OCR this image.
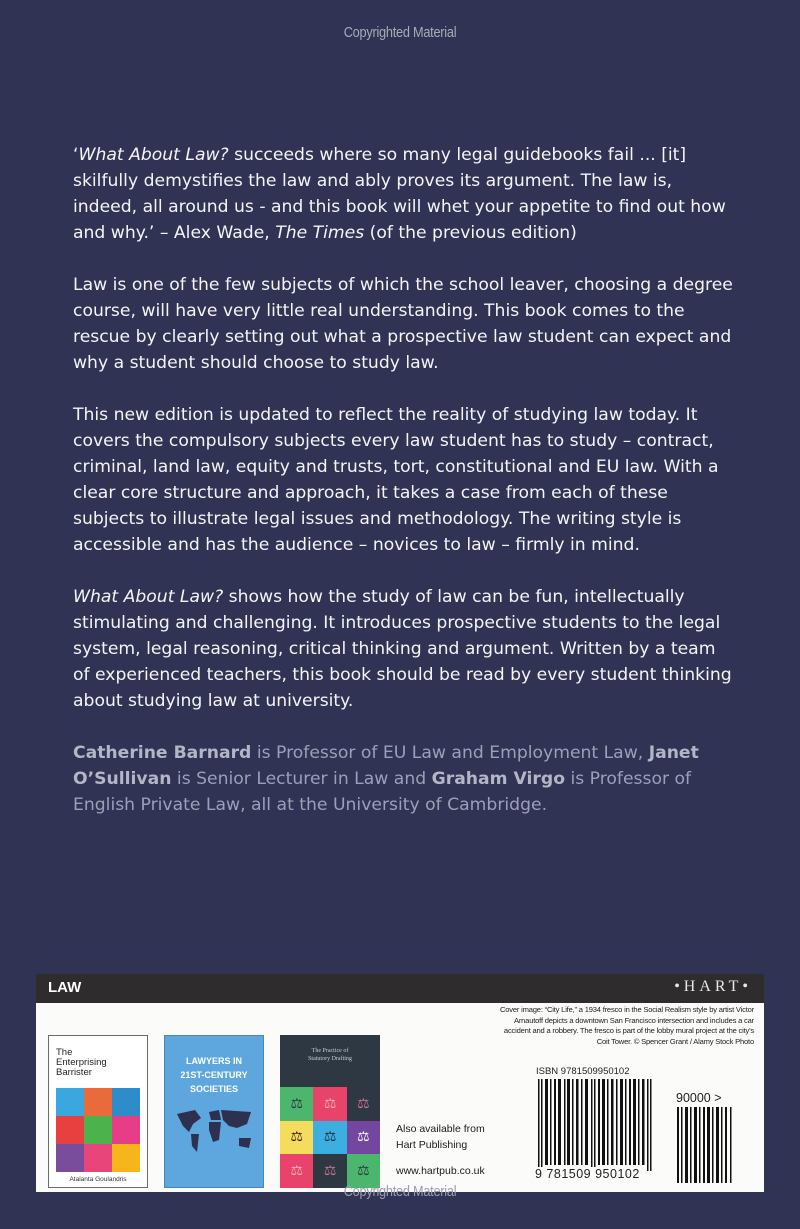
Copyrighted Material

‘What About Law? succeeds where so many legal guidebooks fail ... [it] skilfully demystifies the law and ably proves its argument. The law is, indeed, all around us - and this book will whet your appetite to find out how and why.’ – Alex Wade, The Times (of the previous edition)

Law is one of the few subjects of which the school leaver, choosing a degree course, will have very little real understanding. This book comes to the rescue by clearly setting out what a prospective law student can expect and why a student should choose to study law.

This new edition is updated to reflect the reality of studying law today. It covers the compulsory subjects every law student has to study – contract, criminal, land law, equity and trusts, tort, constitutional and EU law. With a clear core structure and approach, it takes a case from each of these subjects to illustrate legal issues and methodology. The writing style is accessible and has the audience – novices to law – firmly in mind.

What About Law? shows how the study of law can be fun, intellectually stimulating and challenging. It introduces prospective students to the legal system, legal reasoning, critical thinking and argument. Written by a team of experienced teachers, this book should be read by every student thinking about studying law at university.

Catherine Barnard is Professor of EU Law and Employment Law, Janet O’Sullivan is Senior Lecturer in Law and Graham Virgo is Professor of English Private Law, all at the University of Cambridge.

LAW	•HART•
The Enterprising Barrister
Atalanta Goulandris
LAWYERS IN 21ST-CENTURY SOCIETIES
The Practice of Statutory Drafting
⚖	⚖	⚖
⚖	⚖	⚖
⚖	⚖	⚖
Also available from
Hart Publishing
www.hartpub.co.uk
Cover image: “City Life,” a 1934 fresco in the Social Realism style by artist Victor Arnautoff depicts a downtown San Francisco intersection and includes a car accident and a robbery. The fresco is part of the lobby mural project at the city's Coit Tower. © Spencer Grant / Alamy Stock Photo
ISBN 9781509950102
9 781509 950102
90000 >
Copyrighted Material
